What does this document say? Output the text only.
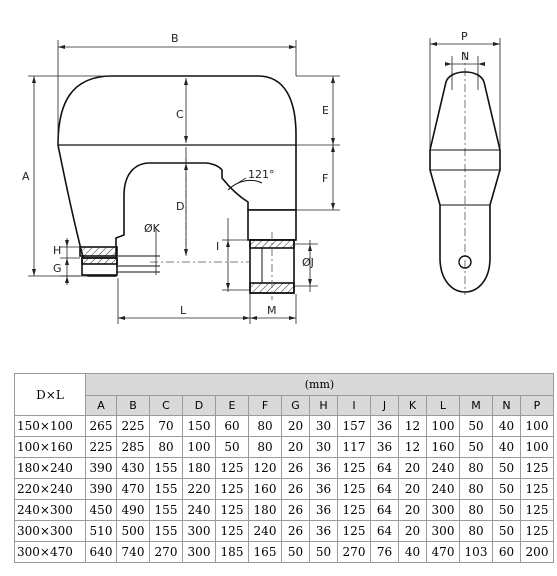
B
A
C
D
E
F
G
H	I
ØJ
ØK
L	M
P
N
121°
D×L	(mm)														
	A	B	C	D	E	F	G	H	I	J	K	L	M	N	P
150×100	265	225	70	150	60	80	20	30	157	36	12	100	50	40	100
100×160	225	285	80	100	50	80	20	30	117	36	12	160	50	40	100
180×240	390	430	155	180	125	120	26	36	125	64	20	240	80	50	125
220×240	390	470	155	220	125	160	26	36	125	64	20	240	80	50	125
240×300	450	490	155	240	125	180	26	36	125	64	20	300	80	50	125
300×300	510	500	155	300	125	240	26	36	125	64	20	300	80	50	125
300×470	640	740	270	300	185	165	50	50	270	76	40	470	103	60	200
